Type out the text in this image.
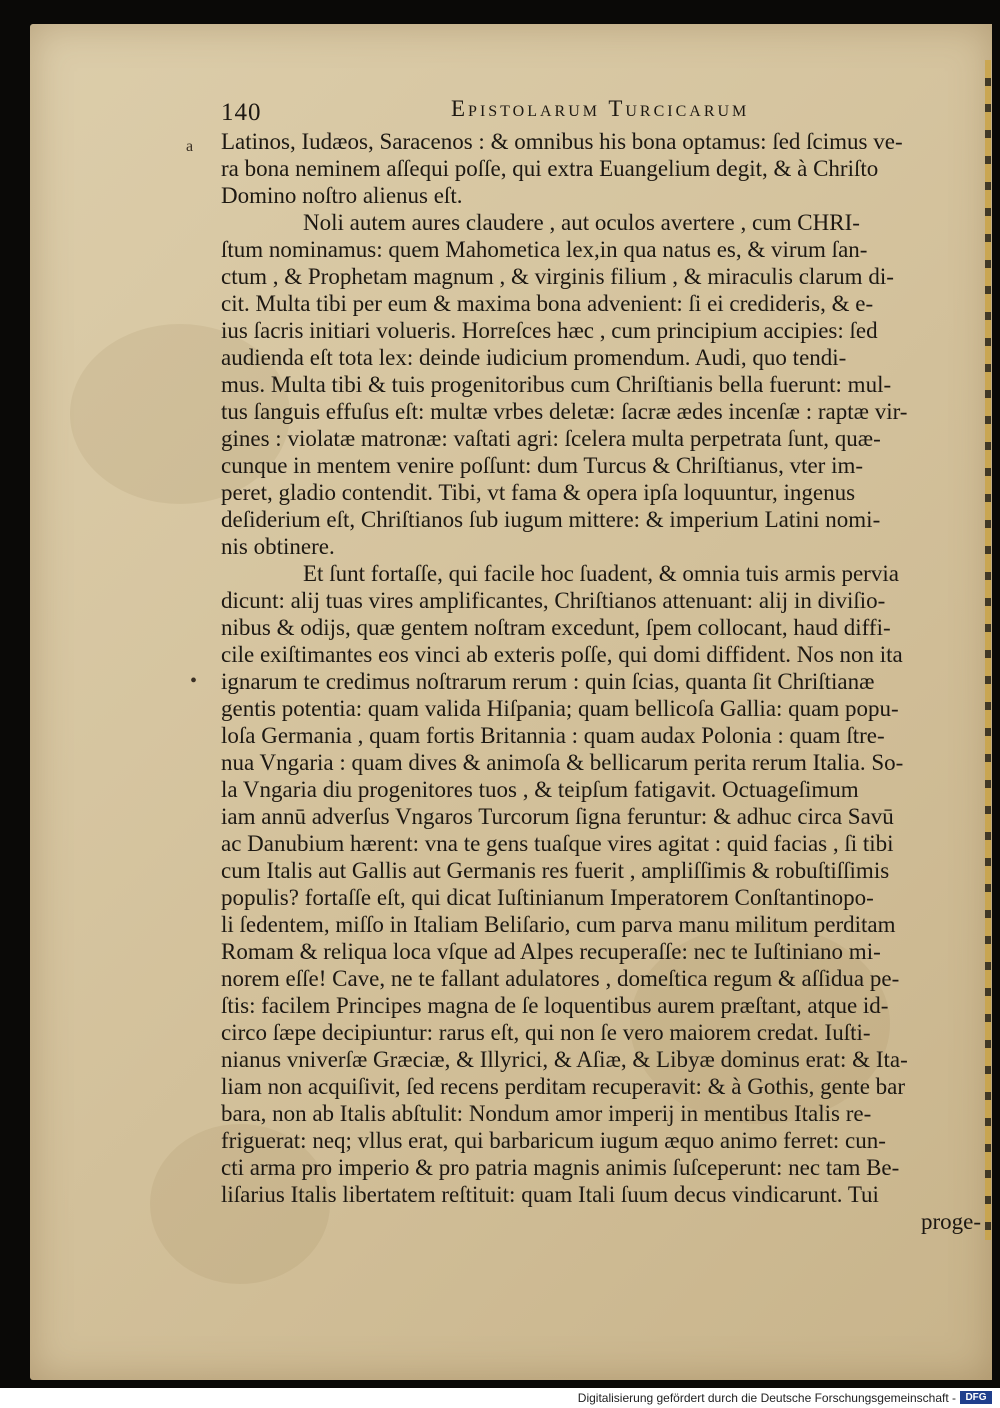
140	Epistolarum Turcicarum
a
•
Latinos, Iudæos, Saracenos : & omnibus his bona optamus: ſed ſcimus ve-
ra bona neminem aſſequi poſſe, qui extra Euangelium degit, & à Chriſto
Domino noſtro alienus eſt.
Noli autem aures claudere , aut oculos avertere , cum CHRI-
ſtum nominamus: quem Mahometica lex,in qua natus es, & virum ſan-
ctum , & Prophetam magnum , & virginis filium , & miraculis clarum di-
cit. Multa tibi per eum & maxima bona advenient: ſi ei credideris, & e-
ius ſacris initiari volueris. Horreſces hæc , cum principium accipies: ſed
audienda eſt tota lex: deinde iudicium promendum. Audi, quo tendi-
mus. Multa tibi & tuis progenitoribus cum Chriſtianis bella fuerunt: mul-
tus ſanguis effuſus eſt: multæ vrbes deletæ: ſacræ ædes incenſæ : raptæ vir-
gines : violatæ matronæ: vaſtati agri: ſcelera multa perpetrata ſunt, quæ-
cunque in mentem venire poſſunt: dum Turcus & Chriſtianus, vter im-
peret, gladio contendit. Tibi, vt fama & opera ipſa loquuntur, ingenus
deſiderium eſt, Chriſtianos ſub iugum mittere: & imperium Latini nomi-
nis obtinere.
Et ſunt fortaſſe, qui facile hoc ſuadent, & omnia tuis armis pervia
dicunt: alij tuas vires amplificantes, Chriſtianos attenuant: alij in diviſio-
nibus & odijs, quæ gentem noſtram excedunt, ſpem collocant, haud diffi-
cile exiſtimantes eos vinci ab exteris poſſe, qui domi diffident. Nos non ita
ignarum te credimus noſtrarum rerum : quin ſcias, quanta ſit Chriſtianæ
gentis potentia: quam valida Hiſpania; quam bellicoſa Gallia: quam popu-
loſa Germania , quam fortis Britannia : quam audax Polonia : quam ſtre-
nua Vngaria : quam dives & animoſa & bellicarum perita rerum Italia. So-
la Vngaria diu progenitores tuos , & teipſum fatigavit. Octuageſimum
iam annū adverſus Vngaros Turcorum ſigna feruntur: & adhuc circa Savū
ac Danubium hærent: vna te gens tuaſque vires agitat : quid facias , ſi tibi
cum Italis aut Gallis aut Germanis res fuerit , ampliſſimis & robuſtiſſimis
populis? fortaſſe eſt, qui dicat Iuſtinianum Imperatorem Conſtantinopo-
li ſedentem, miſſo in Italiam Beliſario, cum parva manu militum perditam
Romam & reliqua loca vſque ad Alpes recuperaſſe: nec te Iuſtiniano mi-
norem eſſe! Cave, ne te fallant adulatores , domeſtica regum & aſſidua pe-
ſtis: facilem Principes magna de ſe loquentibus aurem præſtant, atque id-
circo ſæpe decipiuntur: rarus eſt, qui non ſe vero maiorem credat. Iuſti-
nianus vniverſæ Græciæ, & Illyrici, & Aſiæ, & Libyæ dominus erat: & Ita-
liam non acquiſivit, ſed recens perditam recuperavit: & à Gothis, gente bar
bara, non ab Italis abſtulit: Nondum amor imperij in mentibus Italis re-
friguerat: neq; vllus erat, qui barbaricum iugum æquo animo ferret: cun-
cti arma pro imperio & pro patria magnis animis ſuſceperunt: nec tam Be-
liſarius Italis libertatem reſtituit: quam Itali ſuum decus vindicarunt. Tui
proge-
Digitalisierung gefördert durch die Deutsche Forschungsgemeinschaft - DFG
